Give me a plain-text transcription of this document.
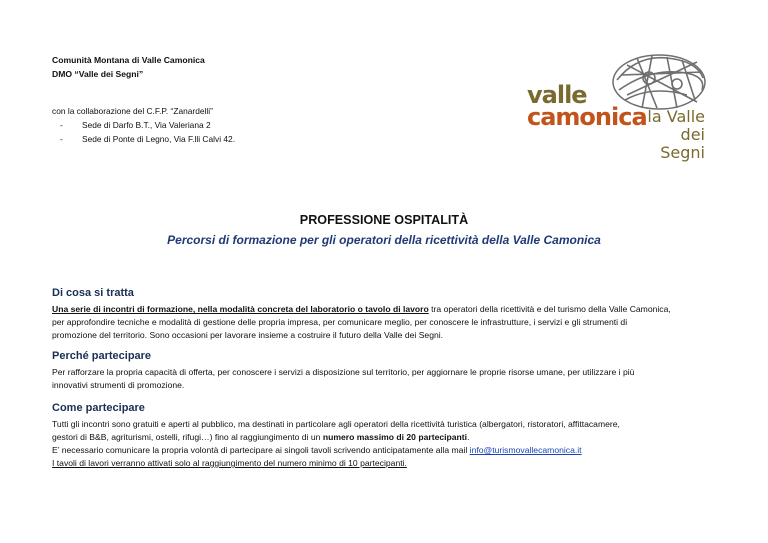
Comunità Montana di Valle Camonica
DMO “Valle dei Segni”
con la collaborazione del C.F.P. “Zanardelli”
- Sede di Darfo B.T., Via Valeriana 2
- Sede di Ponte di Legno, Via F.lli Calvi 42.
valle
camonica la Valle
dei Segni
PROFESSIONE OSPITALITÀ
Percorsi di formazione per gli operatori della ricettività della Valle Camonica
Di cosa si tratta
Una serie di incontri di formazione, nella modalità concreta del laboratorio o tavolo di lavoro tra operatori della ricettività e del turismo della Valle Camonica,
per approfondire tecniche e modalità di gestione delle propria impresa, per comunicare meglio, per conoscere le infrastrutture, i servizi e gli strumenti di
promozione del territorio. Sono occasioni per lavorare insieme a costruire il futuro della Valle dei Segni.
Perché partecipare
Per rafforzare la propria capacità di offerta, per conoscere i servizi a disposizione sul territorio, per aggiornare le proprie risorse umane, per utilizzare i più
innovativi strumenti di promozione.
Come partecipare
Tutti gli incontri sono gratuiti e aperti al pubblico, ma destinati in particolare agli operatori della ricettività turistica (albergatori, ristoratori, affittacamere,
gestori di B&B, agriturismi, ostelli, rifugi…) fino al raggiungimento di un numero massimo di 20 partecipanti.
E’ necessario comunicare la propria volontà di partecipare ai singoli tavoli scrivendo anticipatamente alla mail info@turismovallecamonica.it
I tavoli di lavori verranno attivati solo al raggiungimento del numero minimo di 10 partecipanti.
